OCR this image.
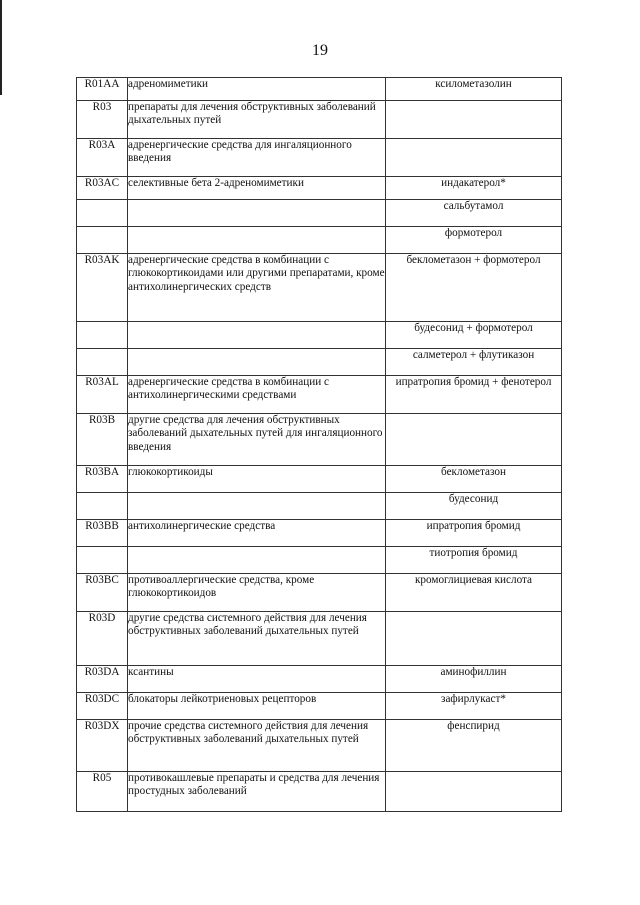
19
R01AA	адреномиметики	ксилометазолин
R03	препараты для лечения обструктивных заболеваний дыхательных путей	
R03A	адренергические средства для ингаляционного введения	
R03AC	селективные бета 2-адреномиметики	индакатерол*
		сальбутамол
		формотерол
R03AK	адренергические средства в комбинации с глюкокортикоидами или другими препаратами, кроме антихолинергических средств	беклометазон + формотерол
		будесонид + формотерол
		салметерол + флутиказон
R03AL	адренергические средства в комбинации с антихолинергическими средствами	ипратропия бромид + фенотерол
R03B	другие средства для лечения обструктивных заболеваний дыхательных путей для ингаляционного введения	
R03BA	глюкокортикоиды	беклометазон
		будесонид
R03BB	антихолинергические средства	ипратропия бромид
		тиотропия бромид
R03BC	противоаллергические средства, кроме глюкокортикоидов	кромоглициевая кислота
R03D	другие средства системного действия для лечения обструктивных заболеваний дыхательных путей	
R03DA	ксантины	аминофиллин
R03DC	блокаторы лейкотриеновых рецепторов	зафирлукаст*
R03DX	прочие средства системного действия для лечения обструктивных заболеваний дыхательных путей	фенспирид
R05	противокашлевые препараты и средства для лечения простудных заболеваний	
